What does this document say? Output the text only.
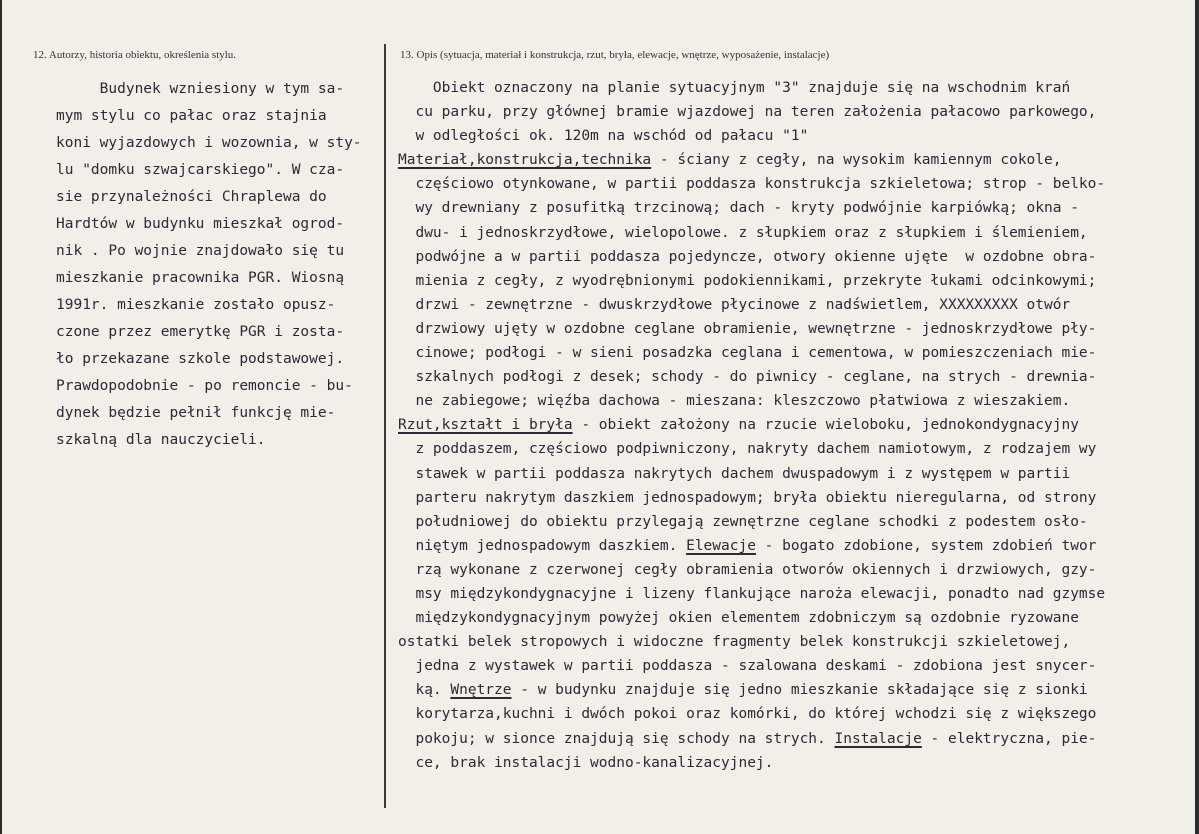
12. Autorzy, historia obiektu, określenia stylu.	13. Opis (sytuacja, materiał i konstrukcja, rzut, bryła, elewacje, wnętrze, wyposażenie, instalacje)
Budynek wzniesiony w tym sa-
mym stylu co pałac oraz stajnia
koni wyjazdowych i wozownia, w sty-
lu "domku szwajcarskiego". W cza-
sie przynależności Chraplewa do
Hardtów w budynku mieszkał ogrod-
nik . Po wojnie znajdowało się tu
mieszkanie pracownika PGR. Wiosną
1991r. mieszkanie zostało opusz-
czone przez emerytkę PGR i zosta-
ło przekazane szkole podstawowej.
Prawdopodobnie - po remoncie - bu-
dynek będzie pełnił funkcję mie-
szkalną dla nauczycieli.
Obiekt oznaczony na planie sytuacyjnym "3" znajduje się na wschodnim krań
cu parku, przy głównej bramie wjazdowej na teren założenia pałacowo parkowego,
w odległości ok. 120m na wschód od pałacu "1"
Materiał,konstrukcja,technika - ściany z cegły, na wysokim kamiennym cokole,
częściowo otynkowane, w partii poddasza konstrukcja szkieletowa; strop - belko-
wy drewniany z posufitką trzcinową; dach - kryty podwójnie karpiówką; okna -
dwu- i jednoskrzydłowe, wielopolowe. z słupkiem oraz z słupkiem i ślemieniem,
podwójne a w partii poddasza pojedyncze, otwory okienne ujęte  w ozdobne obra-
mienia z cegły, z wyodrębnionymi podokiennikami, przekryte łukami odcinkowymi;
drzwi - zewnętrzne - dwuskrzydłowe płycinowe z nadświetlem, XXXXXXXXX otwór
drzwiowy ujęty w ozdobne ceglane obramienie, wewnętrzne - jednoskrzydłowe pły-
cinowe; podłogi - w sieni posadzka ceglana i cementowa, w pomieszczeniach mie-
szkalnych podłogi z desek; schody - do piwnicy - ceglane, na strych - drewnia-
ne zabiegowe; więźba dachowa - mieszana: kleszczowo płatwiowa z wieszakiem.
Rzut,kształt i bryła - obiekt założony na rzucie wieloboku, jednokondygnacyjny
z poddaszem, częściowo podpiwniczony, nakryty dachem namiotowym, z rodzajem wy
stawek w partii poddasza nakrytych dachem dwuspadowym i z występem w partii
parteru nakrytym daszkiem jednospadowym; bryła obiektu nieregularna, od strony
południowej do obiektu przylegają zewnętrzne ceglane schodki z podestem osło-
niętym jednospadowym daszkiem. Elewacje - bogato zdobione, system zdobień twor
rzą wykonane z czerwonej cegły obramienia otworów okiennych i drzwiowych, gzy-
msy międzykondygnacyjne i lizeny flankujące naroża elewacji, ponadto nad gzymse
międzykondygnacyjnym powyżej okien elementem zdobniczym są ozdobnie ryzowane
ostatki belek stropowych i widoczne fragmenty belek konstrukcji szkieletowej,
jedna z wystawek w partii poddasza - szalowana deskami - zdobiona jest snycer-
ką. Wnętrze - w budynku znajduje się jedno mieszkanie składające się z sionki
korytarza,kuchni i dwóch pokoi oraz komórki, do której wchodzi się z większego
pokoju; w sionce znajdują się schody na strych. Instalacje - elektryczna, pie-
ce, brak instalacji wodno-kanalizacyjnej.
